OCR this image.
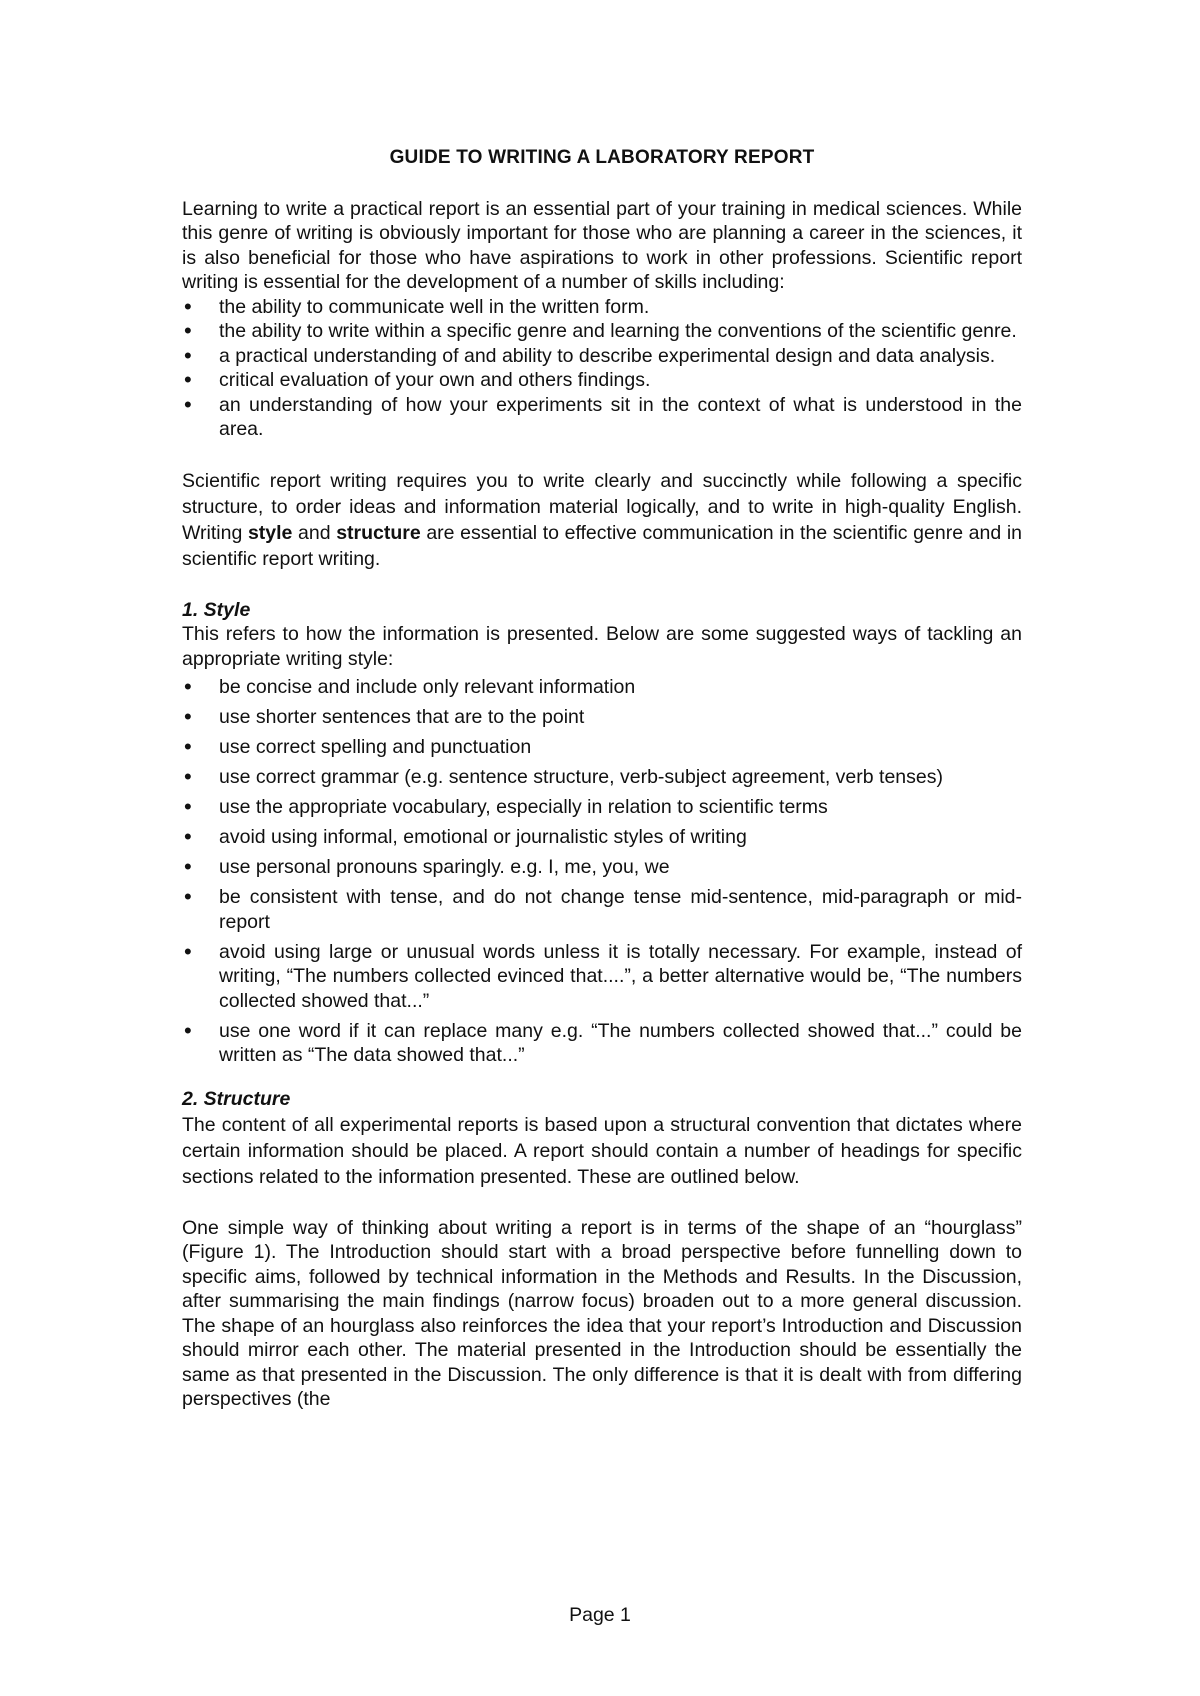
GUIDE TO WRITING A LABORATORY REPORT

Learning to write a practical report is an essential part of your training in medical sciences. While this genre of writing is obviously important for those who are planning a career in the sciences, it is also beneficial for those who have aspirations to work in other professions. Scientific report writing is essential for the development of a number of skills including:

• the ability to communicate well in the written form.
• the ability to write within a specific genre and learning the conventions of the scientific genre.
• a practical understanding of and ability to describe experimental design and data analysis.
• critical evaluation of your own and others findings.
• an understanding of how your experiments sit in the context of what is understood in the area.

Scientific report writing requires you to write clearly and succinctly while following a specific structure, to order ideas and information material logically, and to write in high-quality English. Writing style and structure are essential to effective communication in the scientific genre and in scientific report writing.

1. Style

This refers to how the information is presented. Below are some suggested ways of tackling an appropriate writing style:

• be concise and include only relevant information
• use shorter sentences that are to the point
• use correct spelling and punctuation
• use correct grammar (e.g. sentence structure, verb-subject agreement, verb tenses)
• use the appropriate vocabulary, especially in relation to scientific terms
• avoid using informal, emotional or journalistic styles of writing
• use personal pronouns sparingly. e.g. I, me, you, we
• be consistent with tense, and do not change tense mid-sentence, mid-paragraph or mid-report
• avoid using large or unusual words unless it is totally necessary. For example, instead of writing, “The numbers collected evinced that....”, a better alternative would be, “The numbers collected showed that...”
• use one word if it can replace many e.g. “The numbers collected showed that...” could be written as “The data showed that...”
2. Structure

The content of all experimental reports is based upon a structural convention that dictates where certain information should be placed. A report should contain a number of headings for specific sections related to the information presented. These are outlined below.

One simple way of thinking about writing a report is in terms of the shape of an “hourglass” (Figure 1). The Introduction should start with a broad perspective before funnelling down to specific aims, followed by technical information in the Methods and Results. In the Discussion, after summarising the main findings (narrow focus) broaden out to a more general discussion. The shape of an hourglass also reinforces the idea that your report’s Introduction and Discussion should mirror each other. The material presented in the Introduction should be essentially the same as that presented in the Discussion. The only difference is that it is dealt with from differing perspectives (the

Page 1
